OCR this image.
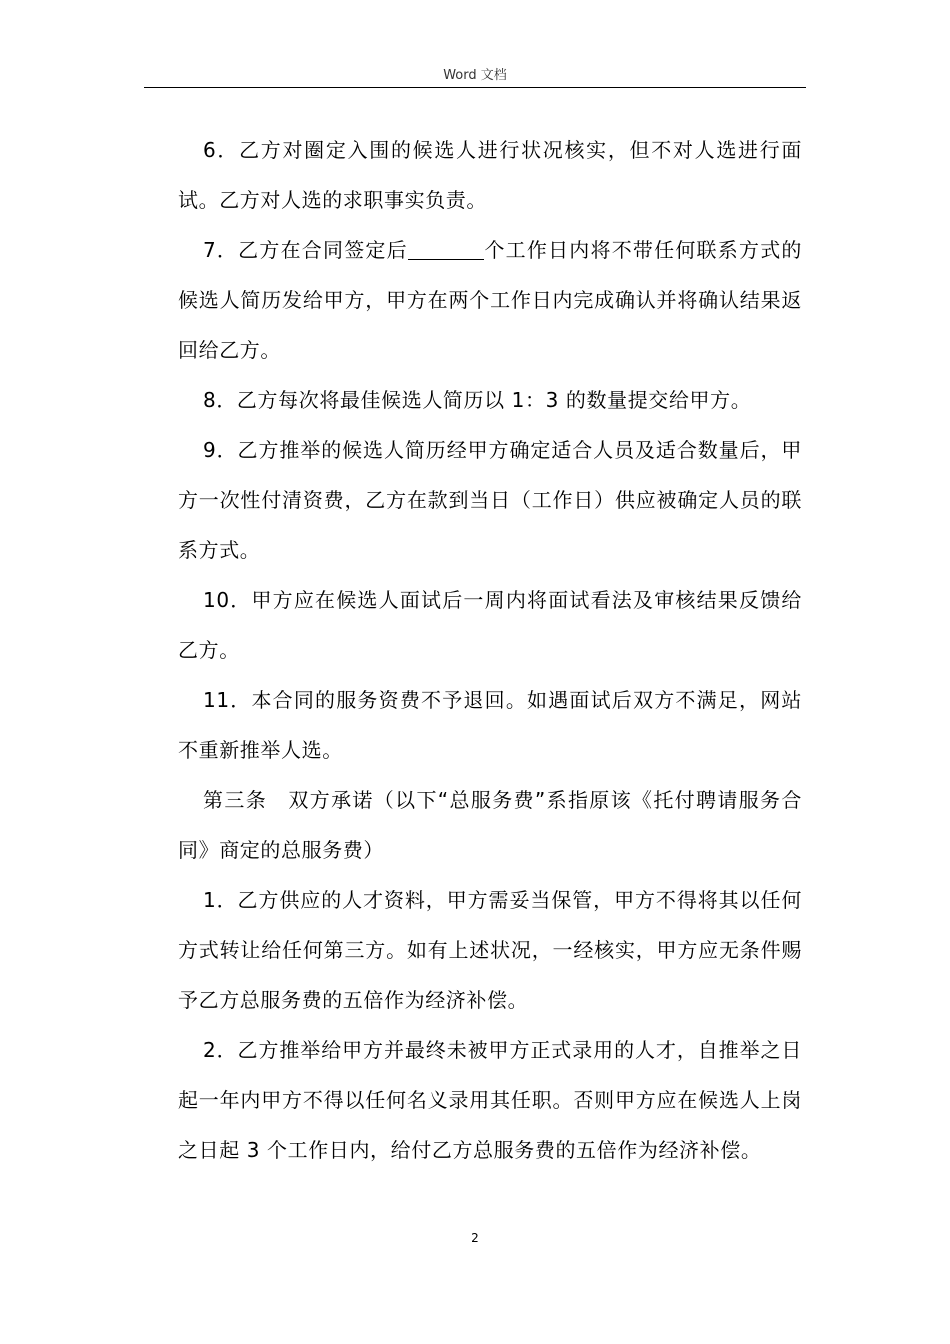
Word 文档

6．乙方对圈定入围的候选人进行状况核实，但不对人选进行面试。乙方对人选的求职事实负责。

7．乙方在合同签定后	个工作日内将不带任何联系方式的候选人简历发给甲方，甲方在两个工作日内完成确认并将确认结果返回给乙方。

8．乙方每次将最佳候选人简历以 1：3 的数量提交给甲方。

9．乙方推举的候选人简历经甲方确定适合人员及适合数量后，甲方一次性付清资费，乙方在款到当日（工作日）供应被确定人员的联系方式。

10．甲方应在候选人面试后一周内将面试看法及审核结果反馈给乙方。

11．本合同的服务资费不予退回。如遇面试后双方不满足，网站不重新推举人选。

第三条　双方承诺（以下“总服务费”系指原该《托付聘请服务合同》商定的总服务费）

1．乙方供应的人才资料，甲方需妥当保管，甲方不得将其以任何方式转让给任何第三方。如有上述状况，一经核实，甲方应无条件赐予乙方总服务费的五倍作为经济补偿。

2．乙方推举给甲方并最终未被甲方正式录用的人才，自推举之日起一年内甲方不得以任何名义录用其任职。否则甲方应在候选人上岗之日起 3 个工作日内，给付乙方总服务费的五倍作为经济补偿。

2
